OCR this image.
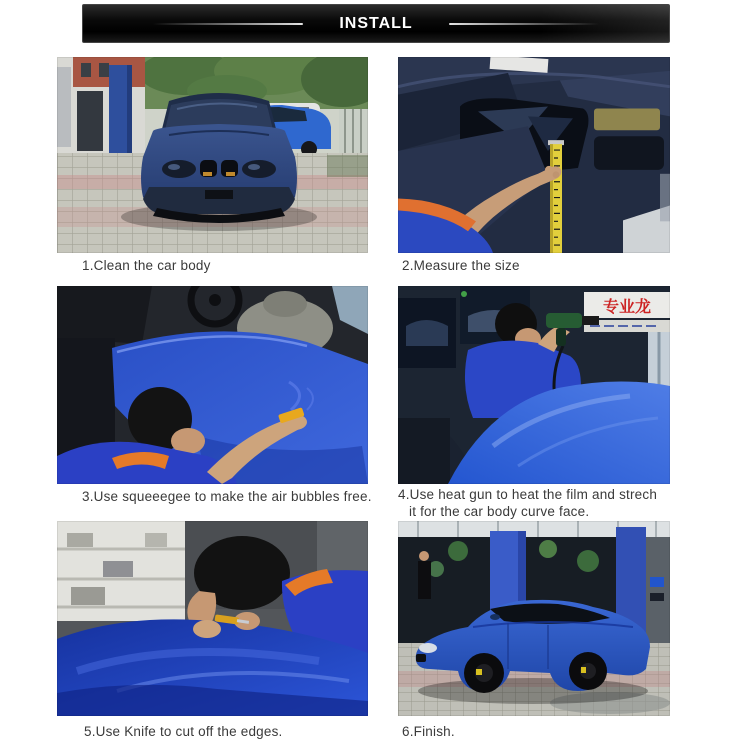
INSTALL
1.Clean the car body	2.Measure the size
3.Use squeeegee to make the air bubbles free.
专业龙
4.Use heat gun to heat the film and strech
it for the car body curve face.
5.Use Knife to cut off the edges.	6.Finish.
